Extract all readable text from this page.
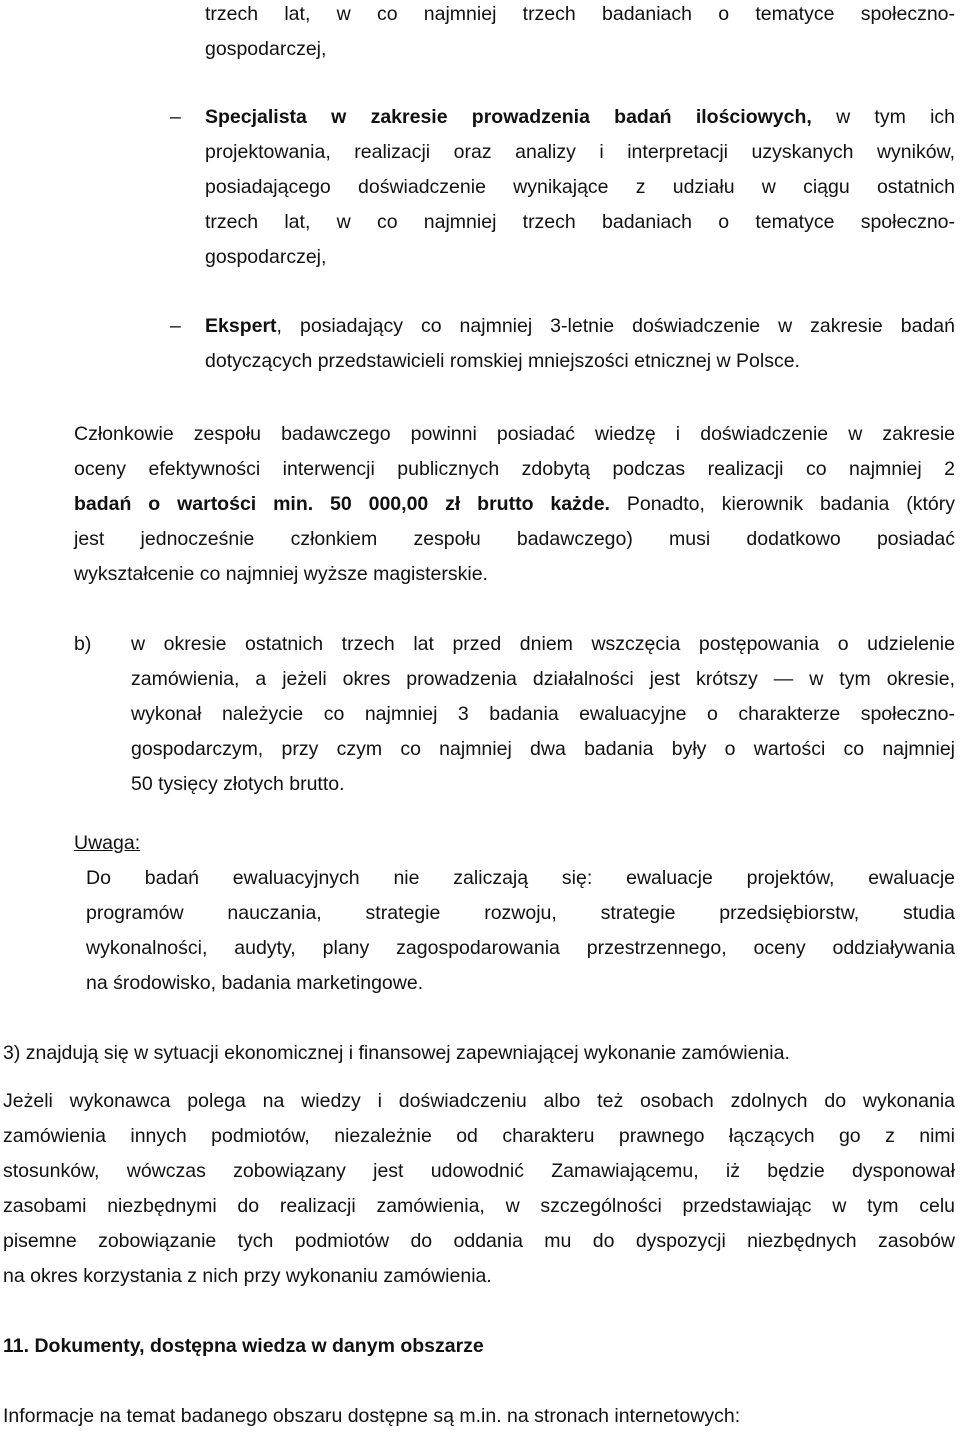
trzech lat, w co najmniej trzech badaniach o tematyce społeczno-
gospodarczej,
– Specjalista w zakresie prowadzenia badań ilościowych, w tym ich
projektowania, realizacji oraz analizy i interpretacji uzyskanych wyników,
posiadającego doświadczenie wynikające z udziału w ciągu ostatnich
trzech lat, w co najmniej trzech badaniach o tematyce społeczno-
gospodarczej,
– Ekspert, posiadający co najmniej 3-letnie doświadczenie w zakresie badań
dotyczących przedstawicieli romskiej mniejszości etnicznej w Polsce.
Członkowie zespołu badawczego powinni posiadać wiedzę i doświadczenie w zakresie
oceny efektywności interwencji publicznych zdobytą podczas realizacji co najmniej 2
badań o wartości min. 50 000,00 zł brutto każde. Ponadto, kierownik badania (który
jest jednocześnie członkiem zespołu badawczego) musi dodatkowo posiadać
wykształcenie co najmniej wyższe magisterskie.
b) w okresie ostatnich trzech lat przed dniem wszczęcia postępowania o udzielenie
zamówienia, a jeżeli okres prowadzenia działalności jest krótszy — w tym okresie,
wykonał należycie co najmniej 3 badania ewaluacyjne o charakterze społeczno-
gospodarczym, przy czym co najmniej dwa badania były o wartości co najmniej
50 tysięcy złotych brutto.
Uwaga:
Do badań ewaluacyjnych nie zaliczają się: ewaluacje projektów, ewaluacje
programów nauczania, strategie rozwoju, strategie przedsiębiorstw, studia
wykonalności, audyty, plany zagospodarowania przestrzennego, oceny oddziaływania
na środowisko, badania marketingowe.
3) znajdują się w sytuacji ekonomicznej i finansowej zapewniającej wykonanie zamówienia.
Jeżeli wykonawca polega na wiedzy i doświadczeniu albo też osobach zdolnych do wykonania
zamówienia innych podmiotów, niezależnie od charakteru prawnego łączących go z nimi
stosunków, wówczas zobowiązany jest udowodnić Zamawiającemu, iż będzie dysponował
zasobami niezbędnymi do realizacji zamówienia, w szczególności przedstawiając w tym celu
pisemne zobowiązanie tych podmiotów do oddania mu do dyspozycji niezbędnych zasobów
na okres korzystania z nich przy wykonaniu zamówienia.
11. Dokumenty, dostępna wiedza w danym obszarze
Informacje na temat badanego obszaru dostępne są m.in. na stronach internetowych:
